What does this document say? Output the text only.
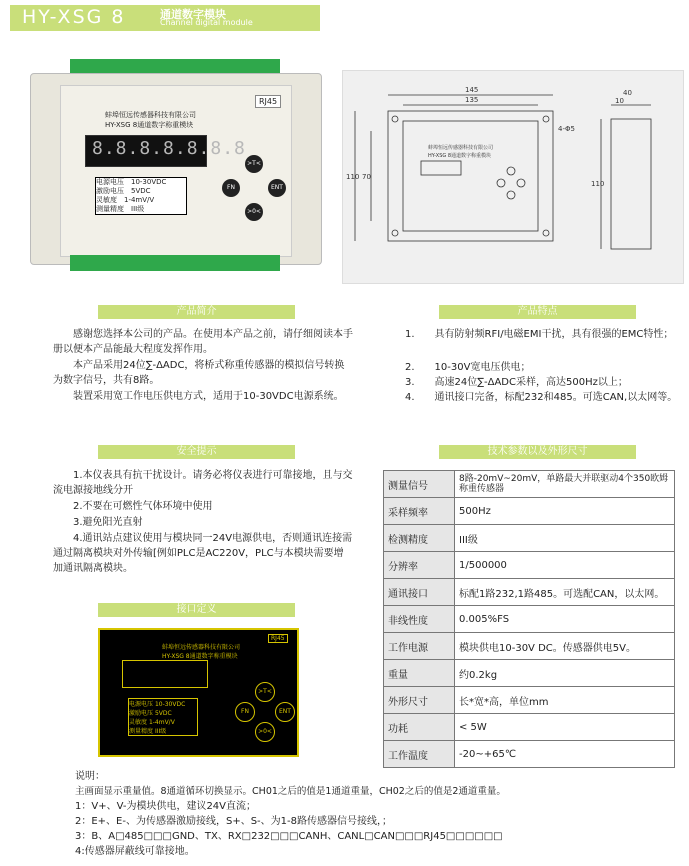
HY-XSG 8	通道数字模块
Channel digital module
RJ45
蚌埠恒远传感器科技有限公司
HY-XSG 8通道数字称重模块
8.8.8.8.8.8.8
电源电压　 10-30VDC
激励电压　 5VDC
灵敏度　 1-4mV/V
测量精度　 III级
>T<
FN	ENT
>0<
145
135
110 70
40
10
110
4-Φ5
蚌埠恒远传感器科技有限公司
HY-XSG 8通道数字称重模块
产品简介
感谢您选择本公司的产品。在使用本产品之前，请仔细阅读本手册以便本产品能最大程度发挥作用。
本产品采用24位∑-ΔADC，将桥式称重传感器的模拟信号转换为数字信号，共有8路。
装置采用宽工作电压供电方式，适用于10-30VDC电源系统。
产品特点
1.　　具有防射频RFI/电磁EMI干扰，具有很强的EMC特性；
2.　　10-30V宽电压供电；
3.　　高速24位∑-ΔADC采样，高达500Hz以上；
4.　　通讯接口完备，标配232和485。可选CAN,以太网等。
安全提示
1.本仪表具有抗干扰设计。请务必将仪表进行可靠接地，且与交流电源接地线分开
2.不要在可燃性气体环境中使用
3.避免阳光直射
4.通讯站点建议使用与模块同一24V电源供电，否则通讯连接需通过隔离模块对外传输[例如PLC是AC220V，PLC与本模块需要增加通讯隔离模块。
技术参数以及外形尺寸
测量信号	8路-20mV~20mV，单路最大并联驱动4个350欧姆称重传感器
采样频率	500Hz
检测精度	III级
分辨率	1/500000
通讯接口	标配1路232,1路485。可选配CAN，以太网。
非线性度	0.005%FS
工作电源	模块供电10-30V DC。传感器供电5V。
重量	约0.2kg
外形尺寸	长*宽*高，单位mm
功耗	< 5W
工作温度	-20~+65℃
接口定义
蚌埠恒远传感器科技有限公司
HY-XSG 8通道数字称重模块
RJ45
电源电压 10-30VDC
激励电压 5VDC
灵敏度 1-4mV/V
测量精度 III级
>T<
FN	ENT
>0<
说明：
主画面显示重量值。8通道循环切换显示。CH01之后的值是1通道重量，CH02之后的值是2通道重量。
1：V+、V-为模块供电，建议24V直流；
2：E+、E-、为传感器激励接线，S+、S-、为1-8路传感器信号接线，；
3：B、A□485□□□GND、TX、RX□232□□□CANH、CANL□CAN□□□RJ45□□□□□□
4:传感器屏蔽线可靠接地。
